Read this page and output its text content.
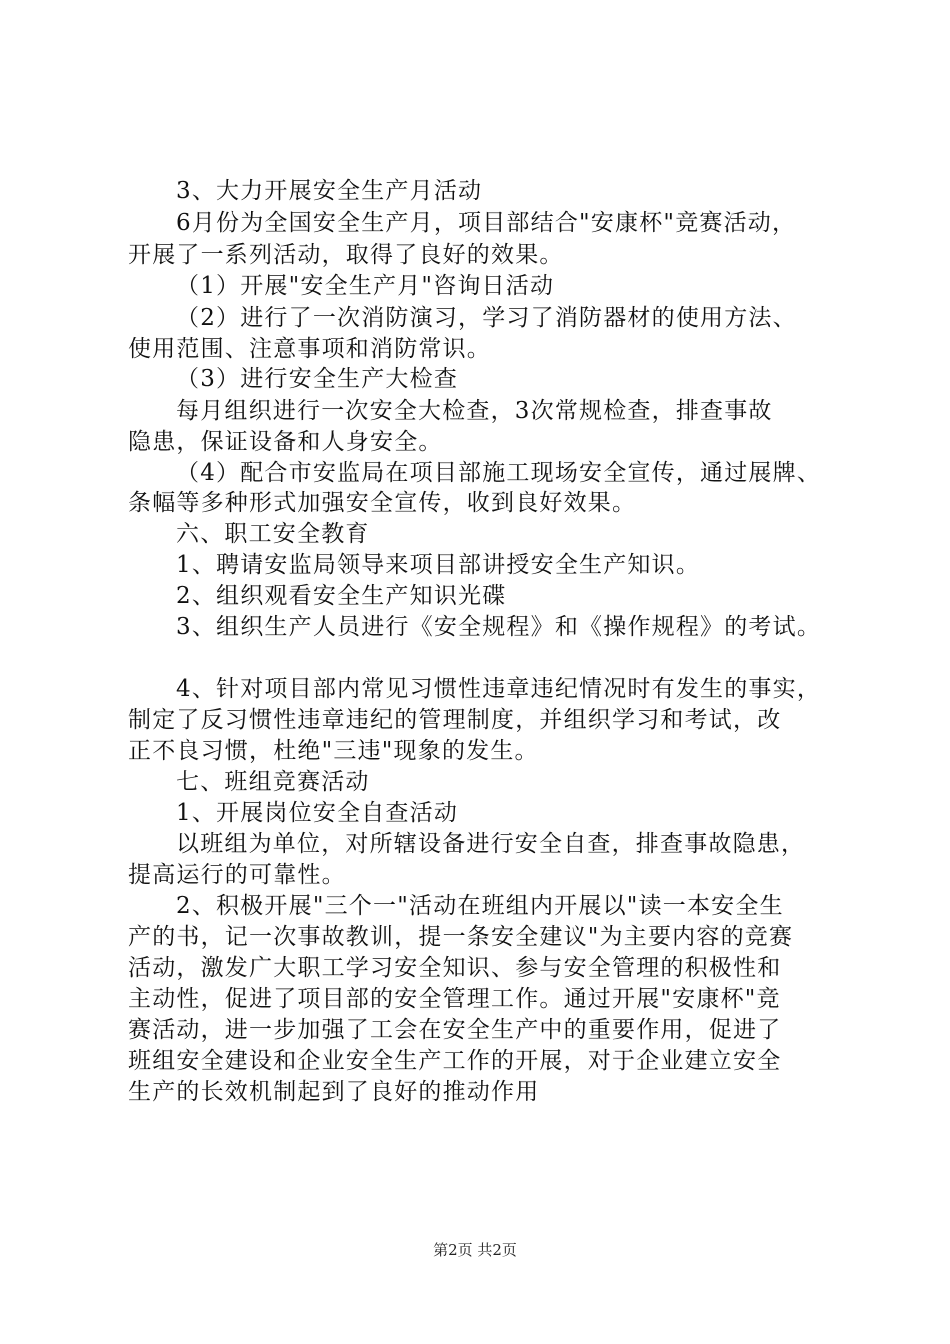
3、大力开展安全生产月活动
6月份为全国安全生产月，项目部结合"安康杯"竞赛活动，
开展了一系列活动，取得了良好的效果。
（1）开展"安全生产月"咨询日活动
（2）进行了一次消防演习，学习了消防器材的使用方法、
使用范围、注意事项和消防常识。
（3）进行安全生产大检查
每月组织进行一次安全大检查，3次常规检查，排查事故
隐患，保证设备和人身安全。
（4）配合市安监局在项目部施工现场安全宣传，通过展牌、
条幅等多种形式加强安全宣传，收到良好效果。
六、职工安全教育
1、聘请安监局领导来项目部讲授安全生产知识。
2、组织观看安全生产知识光碟
3、组织生产人员进行《安全规程》和《操作规程》的考试。
4、针对项目部内常见习惯性违章违纪情况时有发生的事实，
制定了反习惯性违章违纪的管理制度，并组织学习和考试，改
正不良习惯，杜绝"三违"现象的发生。
七、班组竞赛活动
1、开展岗位安全自查活动
以班组为单位，对所辖设备进行安全自查，排查事故隐患，
提高运行的可靠性。
2、积极开展"三个一"活动在班组内开展以"读一本安全生
产的书，记一次事故教训，提一条安全建议"为主要内容的竞赛
活动，激发广大职工学习安全知识、参与安全管理的积极性和
主动性，促进了项目部的安全管理工作。通过开展"安康杯"竞
赛活动，进一步加强了工会在安全生产中的重要作用，促进了
班组安全建设和企业安全生产工作的开展，对于企业建立安全
生产的长效机制起到了良好的推动作用
第2页 共2页
